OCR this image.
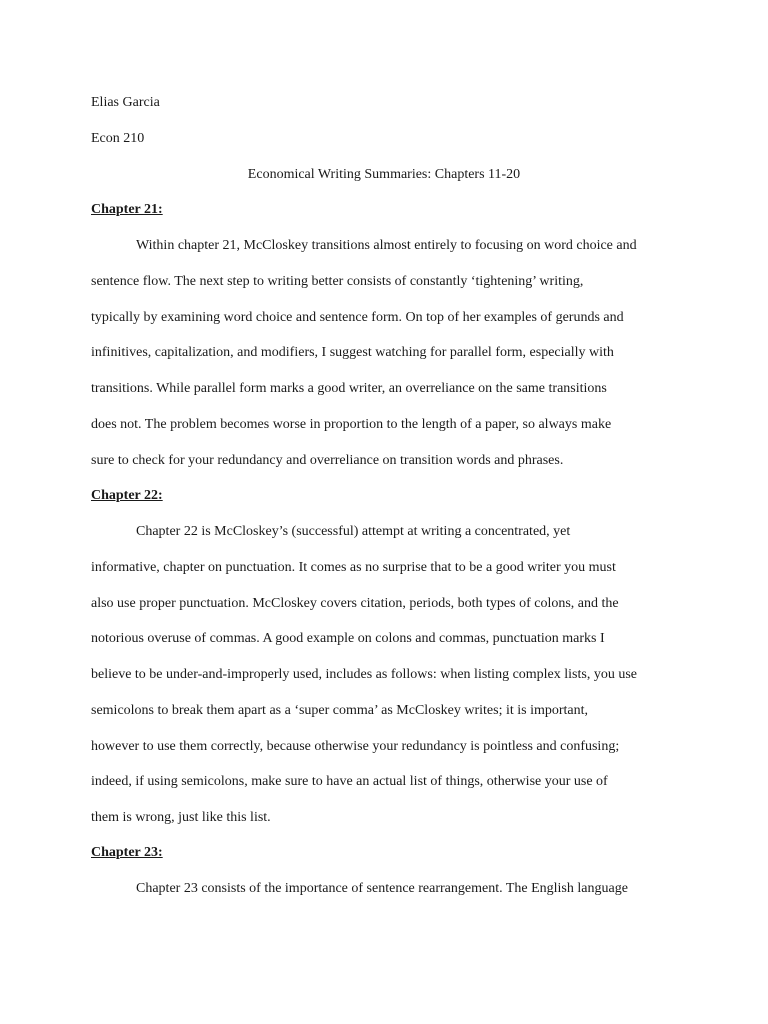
Elias Garcia
Econ 210
Economical Writing Summaries: Chapters 11-20
Chapter 21:
Within chapter 21, McCloskey transitions almost entirely to focusing on word choice and
sentence flow. The next step to writing better consists of constantly ‘tightening’ writing,
typically by examining word choice and sentence form. On top of her examples of gerunds and
infinitives, capitalization, and modifiers, I suggest watching for parallel form, especially with
transitions. While parallel form marks a good writer, an overreliance on the same transitions
does not. The problem becomes worse in proportion to the length of a paper, so always make
sure to check for your redundancy and overreliance on transition words and phrases.
Chapter 22:
Chapter 22 is McCloskey’s (successful) attempt at writing a concentrated, yet
informative, chapter on punctuation. It comes as no surprise that to be a good writer you must
also use proper punctuation. McCloskey covers citation, periods, both types of colons, and the
notorious overuse of commas. A good example on colons and commas, punctuation marks I
believe to be under-and-improperly used, includes as follows: when listing complex lists, you use
semicolons to break them apart as a ‘super comma’ as McCloskey writes; it is important,
however to use them correctly, because otherwise your redundancy is pointless and confusing;
indeed, if using semicolons, make sure to have an actual list of things, otherwise your use of
them is wrong, just like this list.
Chapter 23:
Chapter 23 consists of the importance of sentence rearrangement. The English language
